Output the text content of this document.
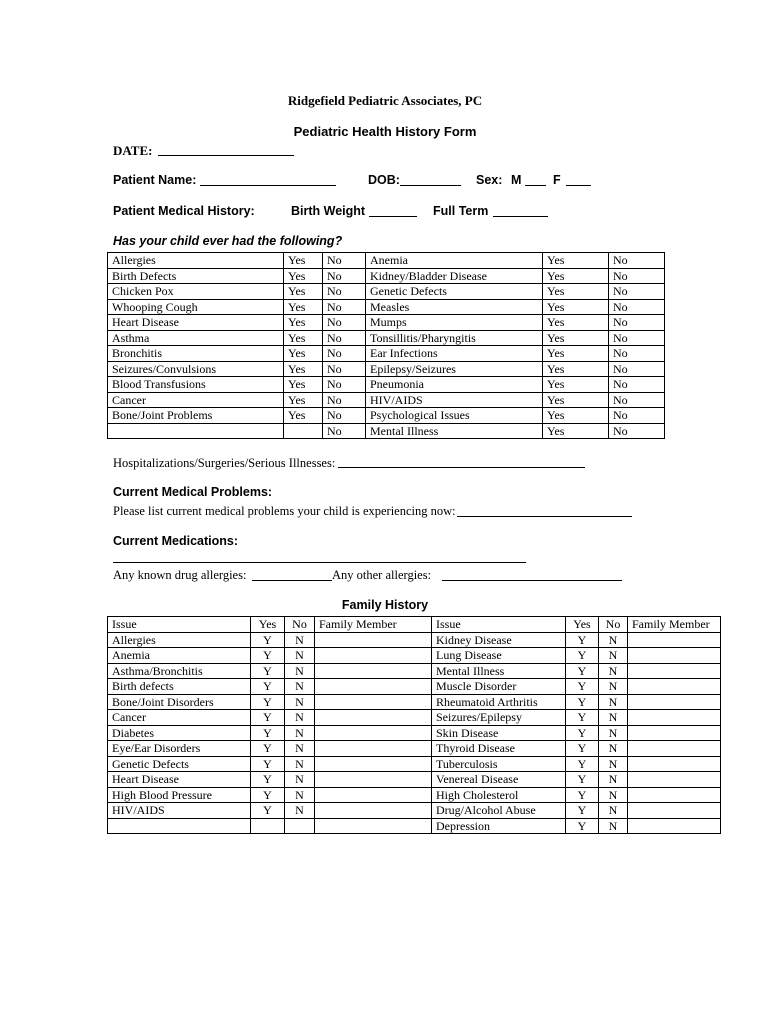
Ridgefield Pediatric Associates, PC
Pediatric Health History Form
DATE:
Patient Name:	DOB:	Sex: M	F
Patient Medical History:	Birth Weight	Full Term
Has your child ever had the following?
Allergies	Yes	No	Anemia	Yes	No
Birth Defects	Yes	No	Kidney/Bladder Disease	Yes	No
Chicken Pox	Yes	No	Genetic Defects	Yes	No
Whooping Cough	Yes	No	Measles	Yes	No
Heart Disease	Yes	No	Mumps	Yes	No
Asthma	Yes	No	Tonsillitis/Pharyngitis	Yes	No
Bronchitis	Yes	No	Ear Infections	Yes	No
Seizures/Convulsions	Yes	No	Epilepsy/Seizures	Yes	No
Blood Transfusions	Yes	No	Pneumonia	Yes	No
Cancer	Yes	No	HIV/AIDS	Yes	No
Bone/Joint Problems	Yes	No	Psychological Issues	Yes	No
		No	Mental Illness	Yes	No
Hospitalizations/Surgeries/Serious Illnesses:
Current Medical Problems:
Please list current medical problems your child is experiencing now:
Current Medications:
Any known drug allergies:	Any other allergies:
Family History
Issue	Yes	No	Family Member	Issue	Yes	No	Family Member
Allergies	Y	N		Kidney Disease	Y	N	
Anemia	Y	N		Lung Disease	Y	N	
Asthma/Bronchitis	Y	N		Mental Illness	Y	N	
Birth defects	Y	N		Muscle Disorder	Y	N	
Bone/Joint Disorders	Y	N		Rheumatoid Arthritis	Y	N	
Cancer	Y	N		Seizures/Epilepsy	Y	N	
Diabetes	Y	N		Skin Disease	Y	N	
Eye/Ear Disorders	Y	N		Thyroid Disease	Y	N	
Genetic Defects	Y	N		Tuberculosis	Y	N	
Heart Disease	Y	N		Venereal Disease	Y	N	
High Blood Pressure	Y	N		High Cholesterol	Y	N	
HIV/AIDS	Y	N		Drug/Alcohol Abuse	Y	N	
				Depression	Y	N	
